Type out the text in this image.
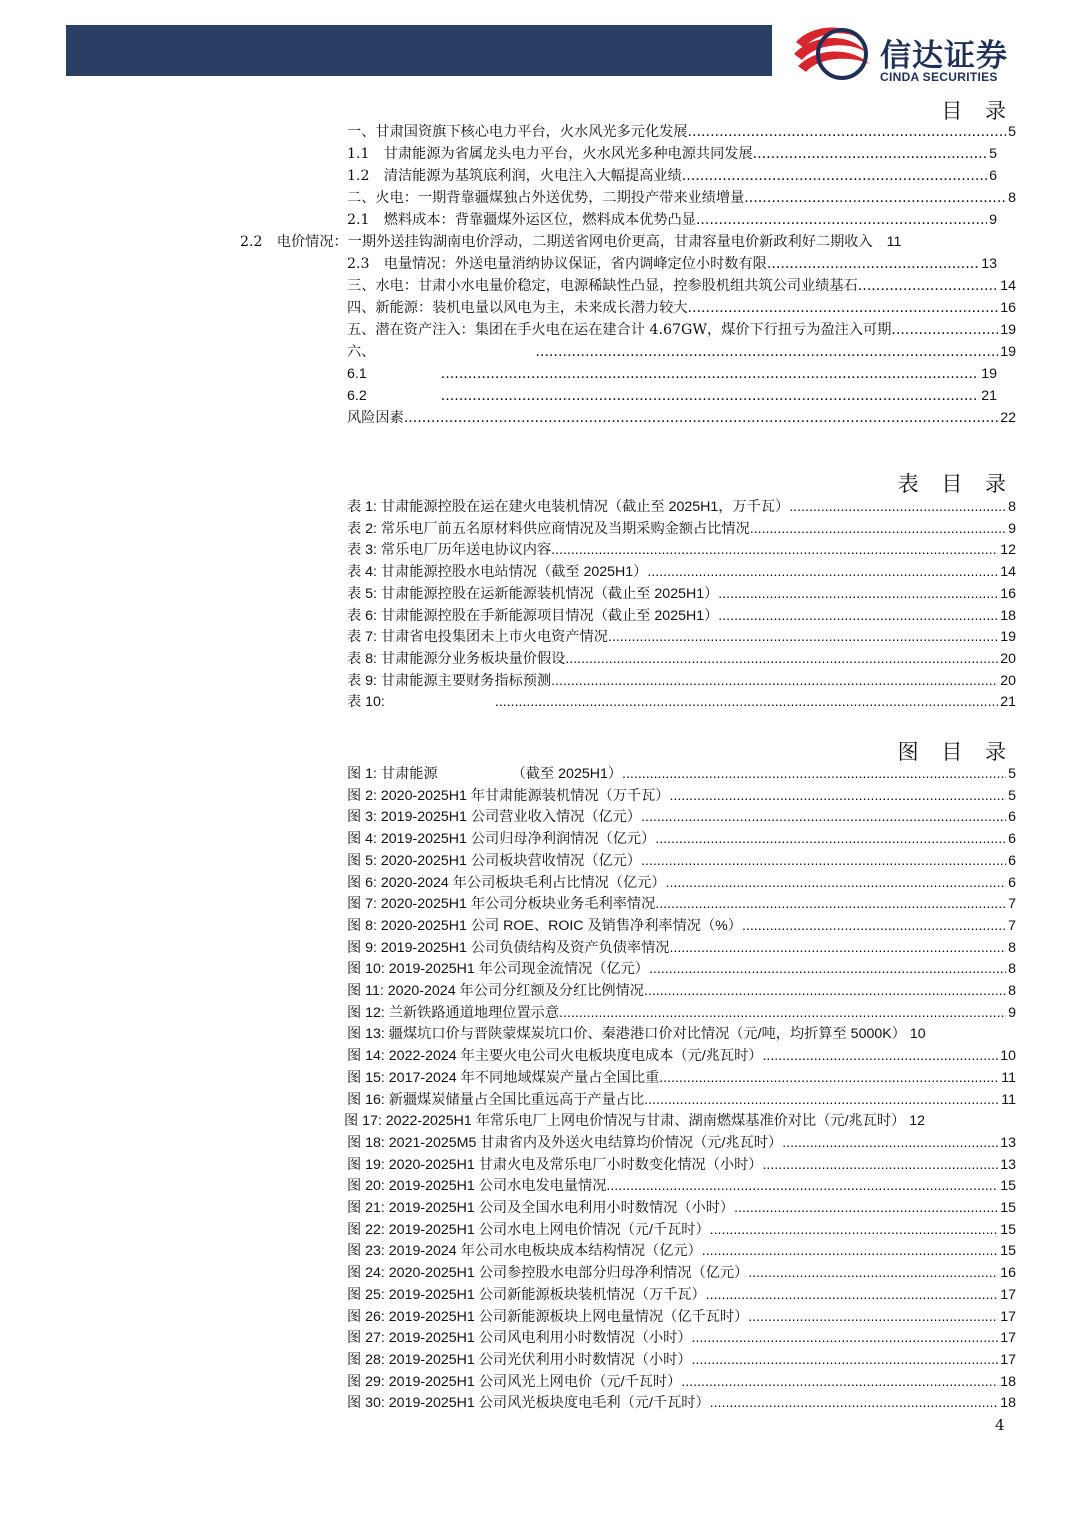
信达证券
CINDA SECURITIES
目 录
一、甘肃国资旗下核心电力平台，火水风光多元化发展 .....	5
1.1　甘肃能源为省属龙头电力平台，火水风光多种电源共同发展 .....	5
1.2　清洁能源为基筑底利润，火电注入大幅提高业绩 .....	6
二、火电：一期背靠疆煤独占外送优势，二期投产带来业绩增量 .....	8
2.1　燃料成本：背靠疆煤外运区位，燃料成本优势凸显 .....	9
2.2　电价情况：一期外送挂钩湖南电价浮动，二期送省网电价更高，甘肃容量电价新政利好二期收入 11
2.3　电量情况：外送电量消纳协议保证，省内调峰定位小时数有限 .....	13
三、水电：甘肃小水电量价稳定，电源稀缺性凸显，控参股机组共筑公司业绩基石 .....	14
四、新能源：装机电量以风电为主，未来成长潜力较大 .....	16
五、潜在资产注入：集团在手火电在运在建合计 4.67GW，煤价下行扭亏为盈注入可期 .....	19
六、 .....	19
6.1 .....	19
6.2 .....	21
风险因素 .....	22
表 目 录
表 1: 甘肃能源控股在运在建火电装机情况（截止至 2025H1，万千瓦） .....	8
表 2: 常乐电厂前五名原材料供应商情况及当期采购金额占比情况 .....	9
表 3: 常乐电厂历年送电协议内容 .....	12
表 4: 甘肃能源控股水电站情况（截至 2025H1） .....	14
表 5: 甘肃能源控股在运新能源装机情况（截止至 2025H1） .....	16
表 6: 甘肃能源控股在手新能源项目情况（截止至 2025H1） .....	18
表 7: 甘肃省电投集团未上市火电资产情况 .....	19
表 8: 甘肃能源分业务板块量价假设 .....	20
表 9: 甘肃能源主要财务指标预测 .....	20
表 10: .....	21
图 目 录
图 1: 甘肃能源	（截至 2025H1） .....	5
图 2: 2020-2025H1 年甘肃能源装机情况（万千瓦） .....	5
图 3: 2019-2025H1 公司营业收入情况（亿元） .....	6
图 4: 2019-2025H1 公司归母净利润情况（亿元） .....	6
图 5: 2020-2025H1 公司板块营收情况（亿元） .....	6
图 6: 2020-2024 年公司板块毛利占比情况（亿元） .....	6
图 7: 2020-2025H1 年公司分板块业务毛利率情况 .....	7
图 8: 2020-2025H1 公司 ROE、ROIC 及销售净利率情况（%） .....	7
图 9: 2019-2025H1 公司负债结构及资产负债率情况 .....	8
图 10: 2019-2025H1 年公司现金流情况（亿元） .....	8
图 11: 2020-2024 年公司分红额及分红比例情况 .....	8
图 12: 兰新铁路通道地理位置示意 .....	9
图 13: 疆煤坑口价与晋陕蒙煤炭坑口价、秦港港口价对比情况（元/吨，均折算至 5000K） 10
图 14: 2022-2024 年主要火电公司火电板块度电成本（元/兆瓦时） .....	10
图 15: 2017-2024 年不同地域煤炭产量占全国比重 .....	11
图 16: 新疆煤炭储量占全国比重远高于产量占比 .....	11
图 17: 2022-2025H1 年常乐电厂上网电价情况与甘肃、湖南燃煤基准价对比（元/兆瓦时） 12
图 18: 2021-2025M5 甘肃省内及外送火电结算均价情况（元/兆瓦时） .....	13
图 19: 2020-2025H1 甘肃火电及常乐电厂小时数变化情况（小时） .....	13
图 20: 2019-2025H1 公司水电发电量情况 .....	15
图 21: 2019-2025H1 公司及全国水电利用小时数情况（小时） .....	15
图 22: 2019-2025H1 公司水电上网电价情况（元/千瓦时） .....	15
图 23: 2019-2024 年公司水电板块成本结构情况（亿元） .....	15
图 24: 2020-2025H1 公司参控股水电部分归母净利情况（亿元） .....	16
图 25: 2019-2025H1 公司新能源板块装机情况（万千瓦） .....	17
图 26: 2019-2025H1 公司新能源板块上网电量情况（亿千瓦时） .....	17
图 27: 2019-2025H1 公司风电利用小时数情况（小时） .....	17
图 28: 2019-2025H1 公司光伏利用小时数情况（小时） .....	17
图 29: 2019-2025H1 公司风光上网电价（元/千瓦时） .....	18
图 30: 2019-2025H1 公司风光板块度电毛利（元/千瓦时） .....	18
4
